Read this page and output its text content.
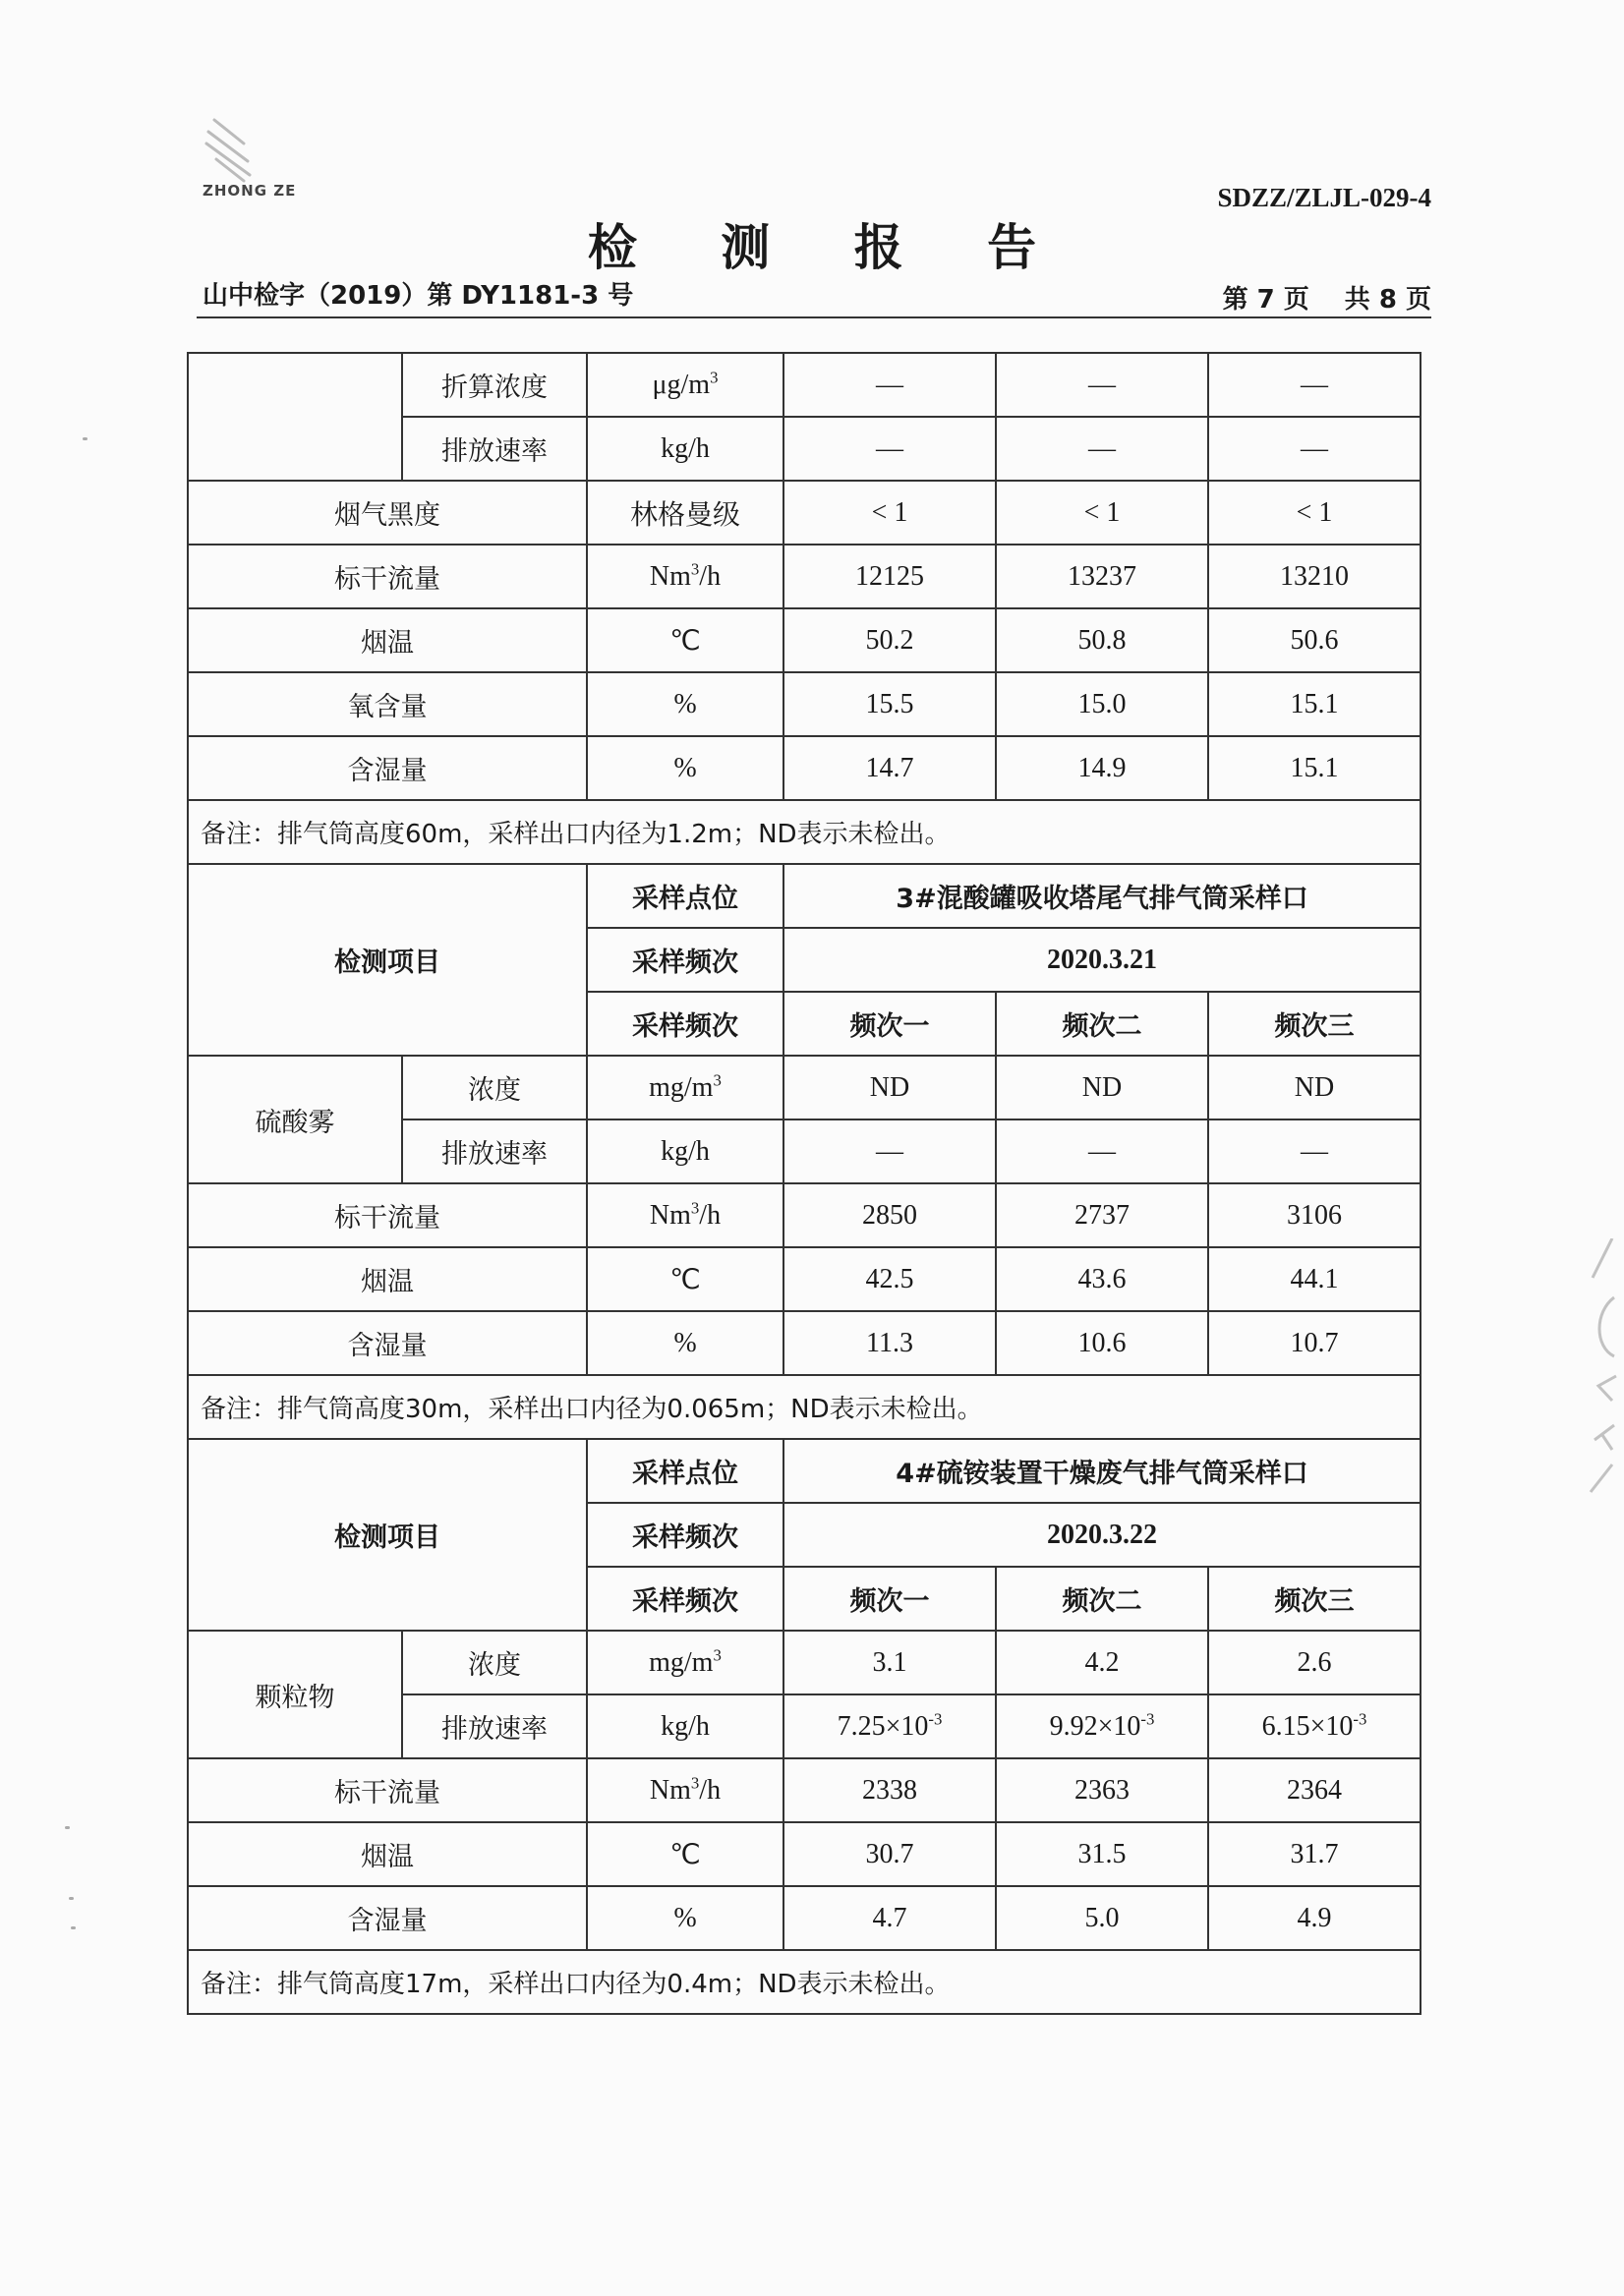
ZHONG ZE	SDZZ/ZLJL-029-4
检 测 报 告
山中检字（2019）第 DY1181-3 号	第 7 页 共 8 页
	折算浓度	$\mu g/m^3$	—	—	—
	排放速率	kg/h	—	—	—
烟气黑度		林格曼级	< 1	< 1	< 1
标干流量		Nm$^3$/h	12125	13237	13210
烟温		℃	50.2	50.8	50.6
氧含量		%	15.5	15.0	15.1
含湿量		%	14.7	14.9	15.1
备注：排气筒高度60m，采样出口内径为1.2m；ND表示未检出。					
检测项目		采样点位	3#混酸罐吸收塔尾气排气筒采样口		
		采样频次	2020.3.21		
		采样频次	频次一	频次二	频次三
硫酸雾	浓度	$mg/m^3$	ND	ND	ND
	排放速率	kg/h	—	—	—
标干流量		Nm$^3$/h	2850	2737	3106
烟温		℃	42.5	43.6	44.1
含湿量		%	11.3	10.6	10.7
备注：排气筒高度30m，采样出口内径为0.065m；ND表示未检出。					
检测项目		采样点位	4#硫铵装置干燥废气排气筒采样口		
		采样频次	2020.3.22		
		采样频次	频次一	频次二	频次三
颗粒物	浓度	$mg/m^3$	3.1	4.2	2.6
	排放速率	kg/h	$7.25\times 10^{-3}$	$9.92\times 10^{-3}$	$6.15\times 10^{-3}$
标干流量		Nm$^3$/h	2338	2363	2364
烟温		℃	30.7	31.5	31.7
含湿量		%	4.7	5.0	4.9
备注：排气筒高度17m，采样出口内径为0.4m；ND表示未检出。					
